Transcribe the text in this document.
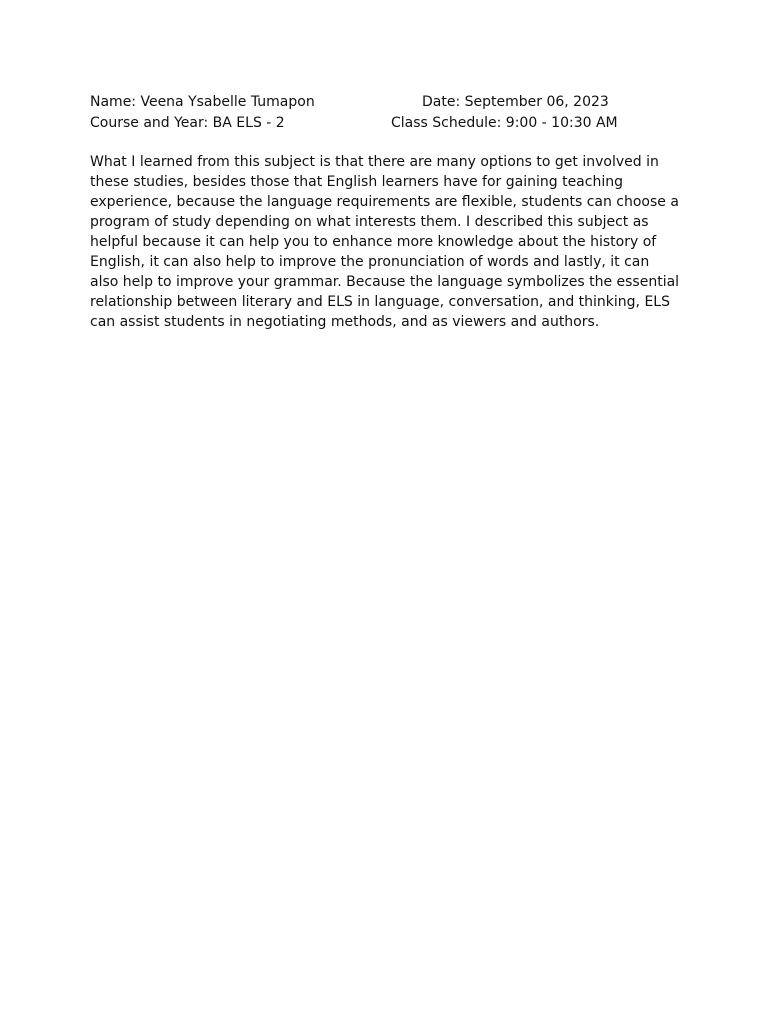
Name: Veena Ysabelle Tumapon	Date: September 06, 2023
Course and Year: BA ELS - 2	Class Schedule: 9:00 - 10:30 AM
What I learned from this subject is that there are many options to get involved in
these studies, besides those that English learners have for gaining teaching
experience, because the language requirements are flexible, students can choose a
program of study depending on what interests them. I described this subject as
helpful because it can help you to enhance more knowledge about the history of
English, it can also help to improve the pronunciation of words and lastly, it can
also help to improve your grammar. Because the language symbolizes the essential
relationship between literary and ELS in language, conversation, and thinking, ELS
can assist students in negotiating methods, and as viewers and authors.
